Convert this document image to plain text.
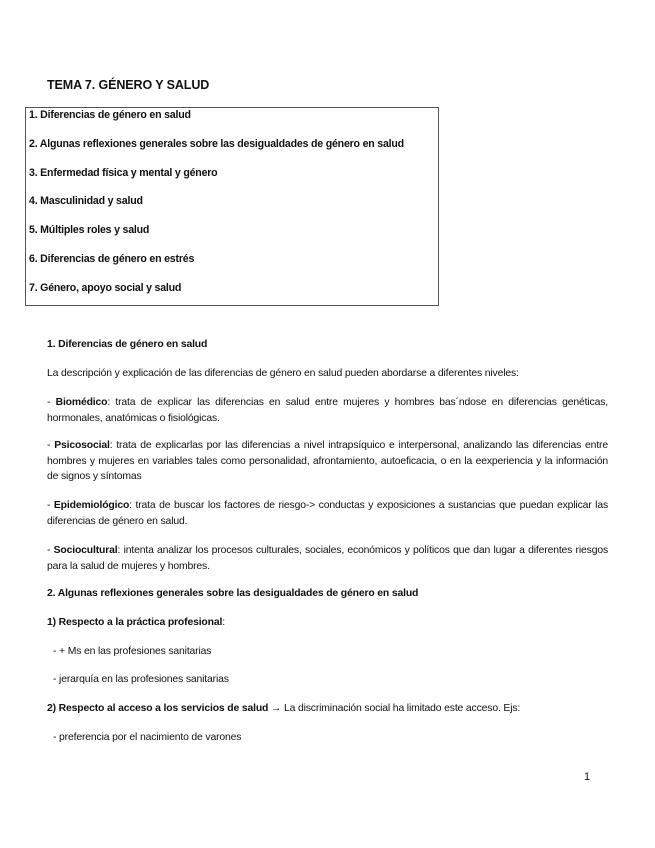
TEMA 7. GÉNERO Y SALUD
1. Diferencias de género en salud
2. Algunas reflexiones generales sobre las desigualdades de género en salud
3. Enfermedad física y mental y género
4. Masculinidad y salud
5. Múltiples roles y salud
6. Diferencias de género en estrés
7. Género, apoyo social y salud
1. Diferencias de género en salud
La descripción y explicación de las diferencias de género en salud pueden abordarse a diferentes niveles:
- Biomédico: trata de explicar las diferencias en salud entre mujeres y hombres bas´ndose en diferencias genéticas, hormonales, anatómicas o fisiológicas.
- Psicosocial: trata de explicarlas por las diferencias a nivel intrapsíquico e interpersonal, analizando las diferencias entre hombres y mujeres en variables tales como personalidad, afrontamiento, autoeficacia, o en la eexperiencia y la información de signos y síntomas
- Epidemiológico: trata de buscar los factores de riesgo-> conductas y exposiciones a sustancias que puedan explicar las diferencias de género en salud.
- Sociocultural: intenta analizar los procesos culturales, sociales, económicos y políticos que dan lugar a diferentes riesgos para la salud de mujeres y hombres.
2. Algunas reflexiones generales sobre las desigualdades de género en salud
1) Respecto a la práctica profesional:
- + Ms en las profesiones sanitarias
- jerarquía en las profesiones sanitarias
2) Respecto al acceso a los servicios de salud → La discriminación social ha limitado este acceso. Ejs:
- preferencia por el nacimiento de varones
1
